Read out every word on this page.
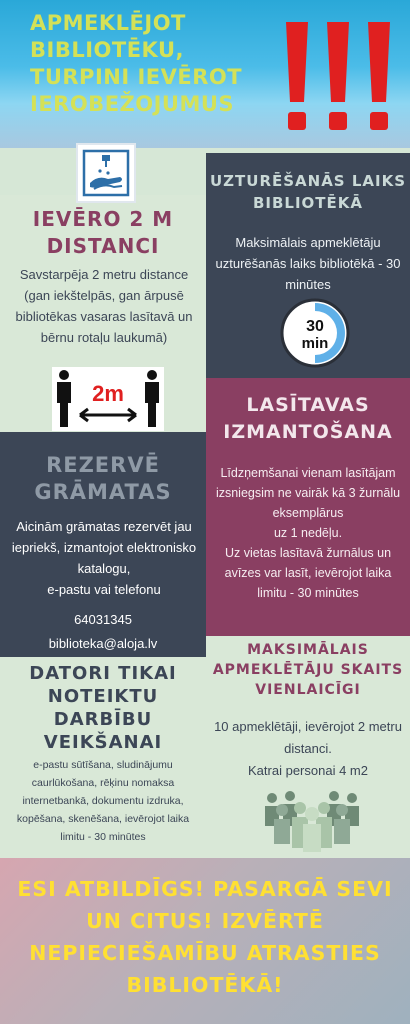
APMEKLĒJOT BIBLIOTĒKU, TURPINI IEVĒROT IEROBEŽOJUMUS
IEVĒRO 2 M DISTANCI
Savstarpēja 2 metru distance (gan iekštelpās, gan ārpusē bibliotēkas vasaras lasītavā un bērnu rotaļu laukumā)
2m
UZTURĒŠANĀS LAIKS BIBLIOTĒKĀ
Maksimālais apmeklētāju uzturēšanās laiks bibliotēkā - 30 minūtes
30
min
LASĪTAVAS IZMANTOŠANA
Līdzņemšanai vienam lasītājam izsniegsim ne vairāk kā 3 žurnālu eksemplārus
uz 1 nedēļu.
Uz vietas lasītavā žurnālus un avīzes var lasīt, ievērojot laika limitu - 30 minūtes
REZERVĒ GRĀMATAS
Aicinām grāmatas rezervēt jau iepriekš, izmantojot elektronisko katalogu,
e-pastu vai telefonu
64031345
biblioteka@aloja.lv	MAKSIMĀLAIS APMEKLĒTĀJU SKAITS VIENLAICĪGI
10 apmeklētāji, ievērojot 2 metru distanci.
Katrai personai 4 m2
DATORI TIKAI NOTEIKTU DARBĪBU VEIKŠANAI
e-pastu sūtīšana, sludinājumu caurlūkošana, rēķinu nomaksa internetbankā, dokumentu izdruka, kopēšana, skenēšana, ievērojot laika limitu - 30 minūtes
ESI ATBILDĪGS! PASARGĀ SEVI UN CITUS! IZVĒRTĒ NEPIECIEŠAMĪBU ATRASTIES BIBLIOTĒKĀ!
